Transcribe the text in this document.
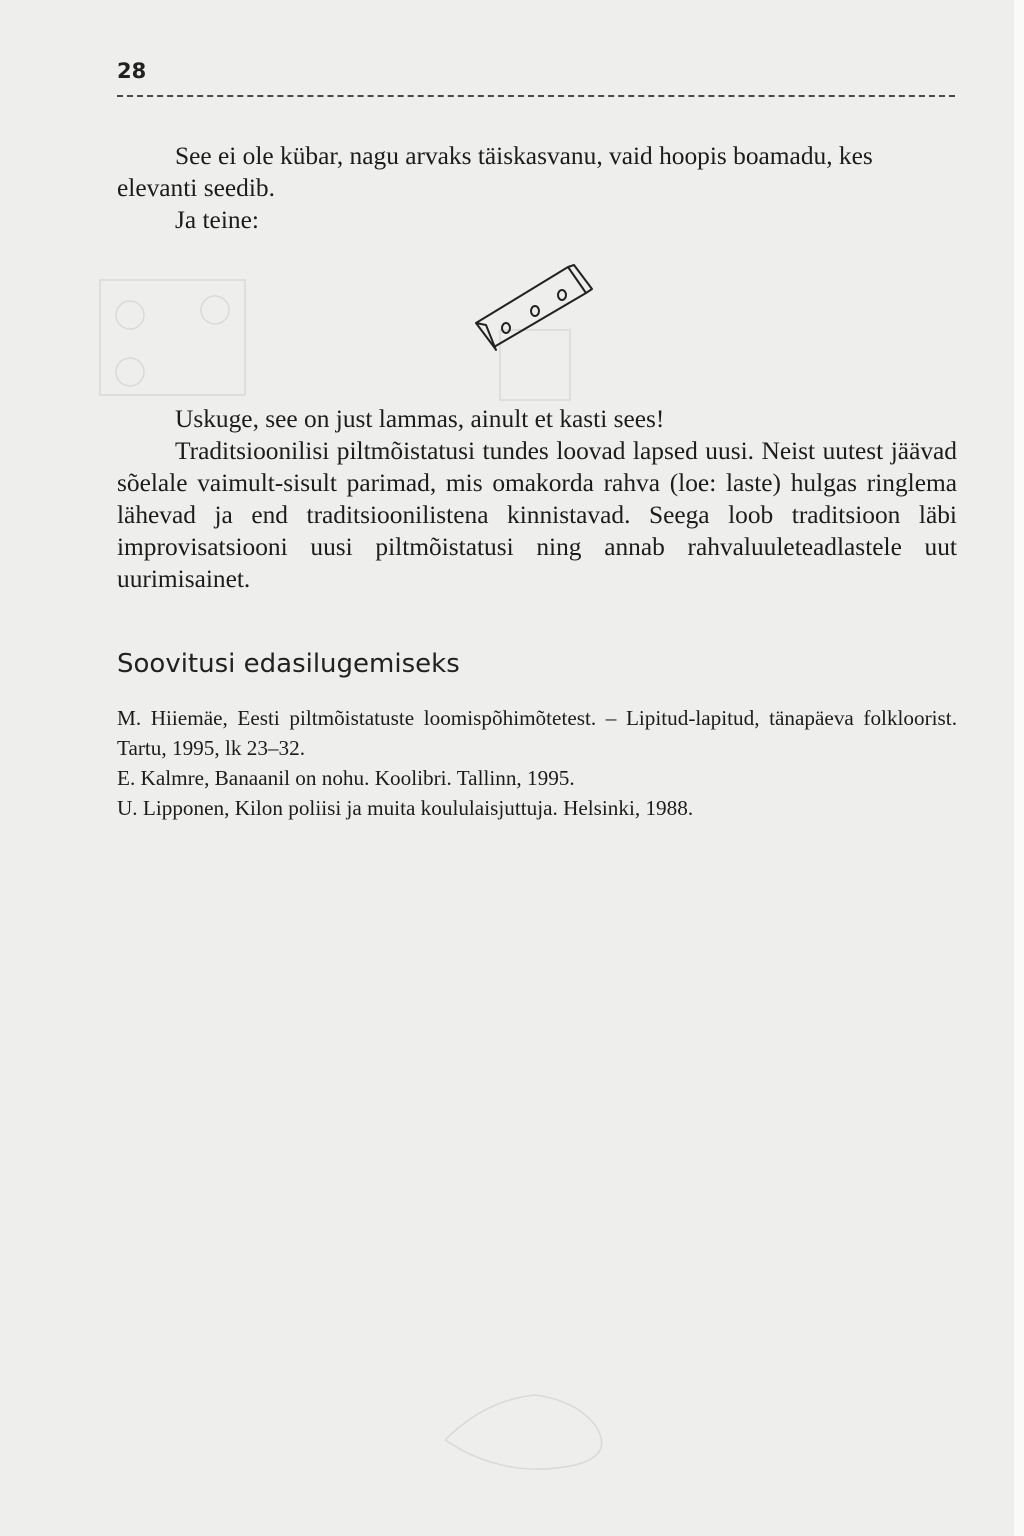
28

See ei ole kübar, nagu arvaks täiskasvanu, vaid hoopis boamadu, kes elevanti seedib.

Ja teine:

Uskuge, see on just lammas, ainult et kasti sees!

Traditsioonilisi piltmõistatusi tundes loovad lapsed uusi. Neist uutest jäävad sõelale vaimult-sisult parimad, mis omakorda rahva (loe: laste) hulgas ringlema lähevad ja end traditsioonilistena kinnistavad. Seega loob traditsioon läbi improvisatsiooni uusi piltmõistatusi ning annab rahvaluuleteadlastele uut uurimisainet.

Soovitusi edasilugemiseks

M. Hiiemäe, Eesti piltmõistatuste loomispõhimõtetest. – Lipitud-lapitud, tänapäeva folkloorist. Tartu, 1995, lk 23–32.

E. Kalmre, Banaanil on nohu. Koolibri. Tallinn, 1995.

U. Lipponen, Kilon poliisi ja muita koululaisjuttuja. Helsinki, 1988.
